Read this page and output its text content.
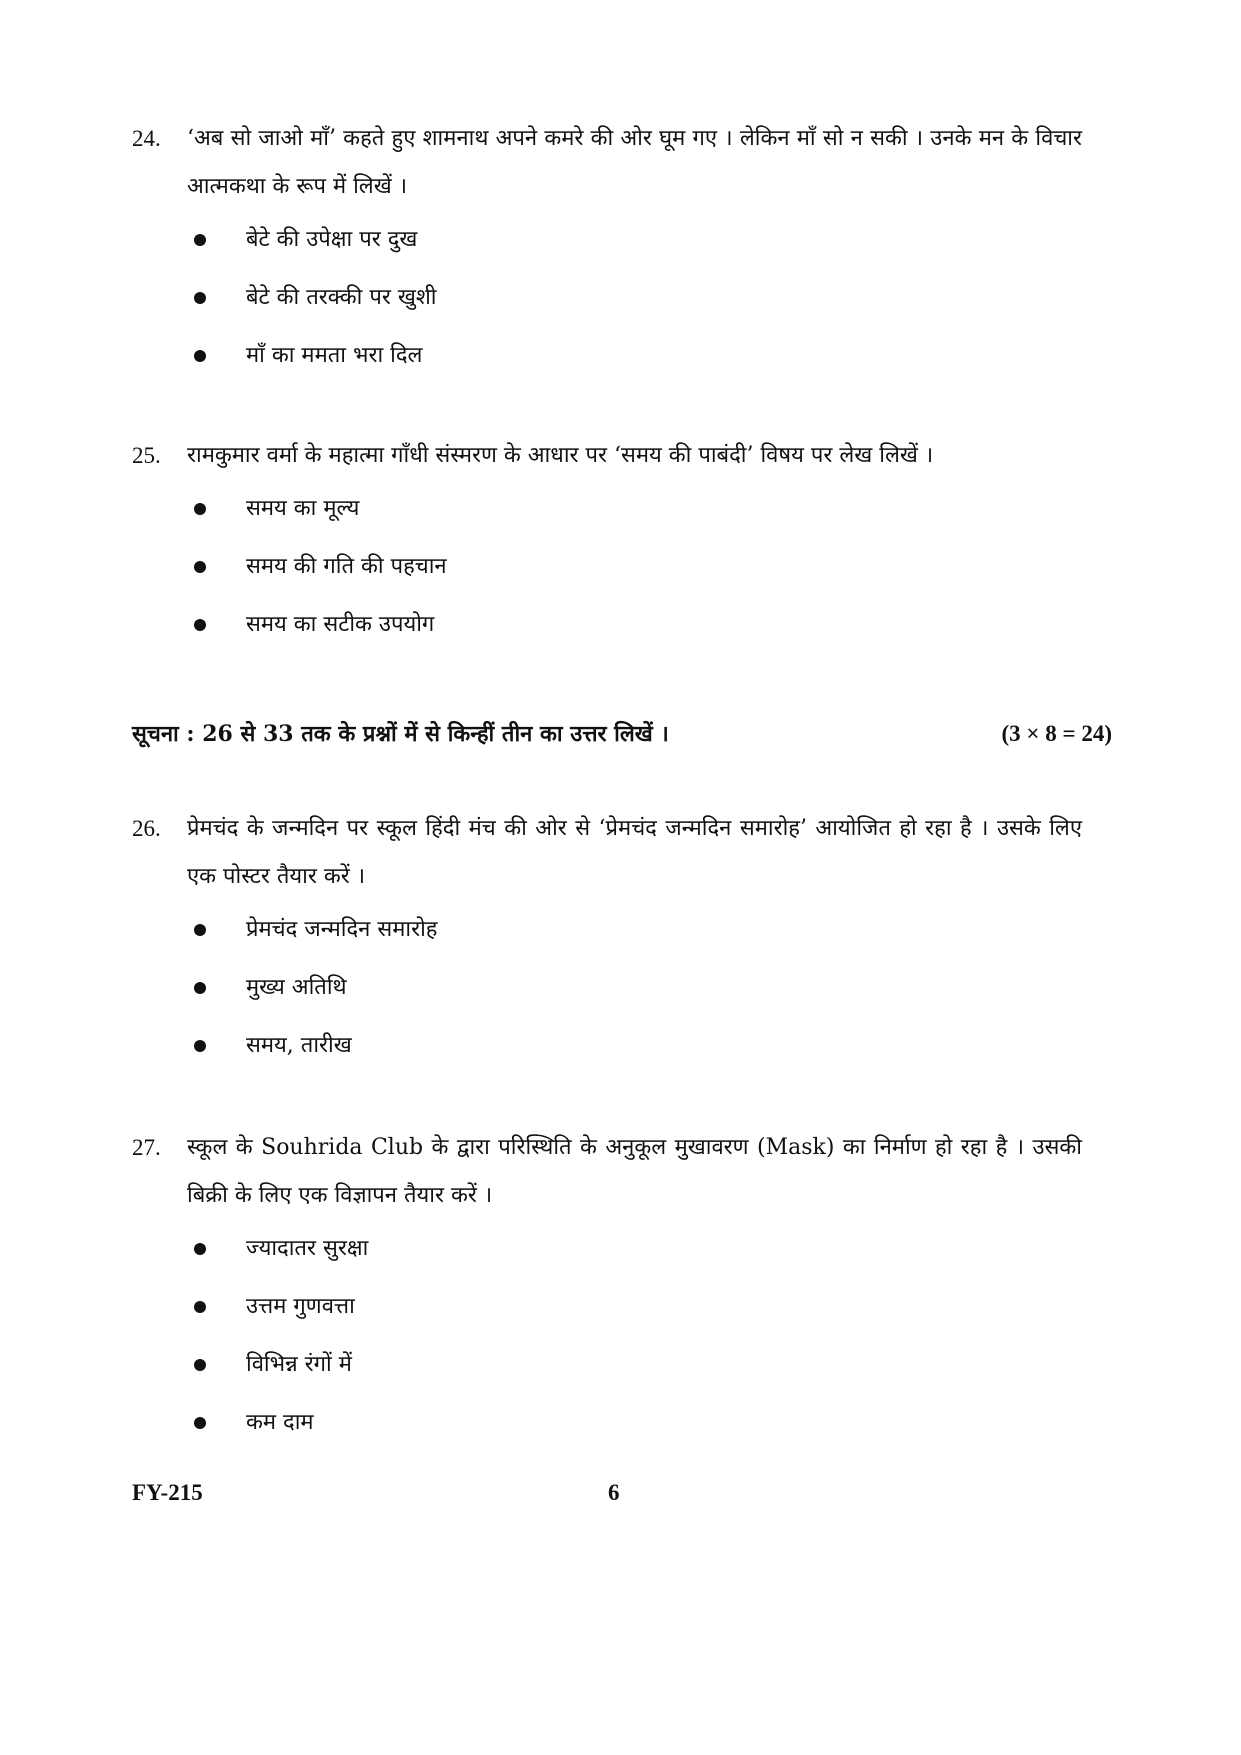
24. ‘अब सो जाओ माँ’ कहते हुए शामनाथ अपने कमरे की ओर घूम गए । लेकिन माँ सो न सकी । उनके मन के विचार आत्मकथा के रूप में लिखें ।
बेटे की उपेक्षा पर दुख
बेटे की तरक्की पर खुशी
माँ का ममता भरा दिल
25. रामकुमार वर्मा के महात्मा गाँधी संस्मरण के आधार पर ‘समय की पाबंदी’ विषय पर लेख लिखें ।
समय का मूल्य
समय की गति की पहचान
समय का सटीक उपयोग
सूचना : 26 से 33 तक के प्रश्नों में से किन्हीं तीन का उत्तर लिखें ।	(3 × 8 = 24)
26. प्रेमचंद के जन्मदिन पर स्कूल हिंदी मंच की ओर से ‘प्रेमचंद जन्मदिन समारोह’ आयोजित हो रहा है । उसके लिए एक पोस्टर तैयार करें ।
प्रेमचंद जन्मदिन समारोह
मुख्य अतिथि
समय, तारीख
27. स्कूल के Souhrida Club के द्वारा परिस्थिति के अनुकूल मुखावरण (Mask) का निर्माण हो रहा है । उसकी बिक्री के लिए एक विज्ञापन तैयार करें ।
ज्यादातर सुरक्षा
उत्तम गुणवत्ता
विभिन्न रंगों में
कम दाम
FY-215	6
